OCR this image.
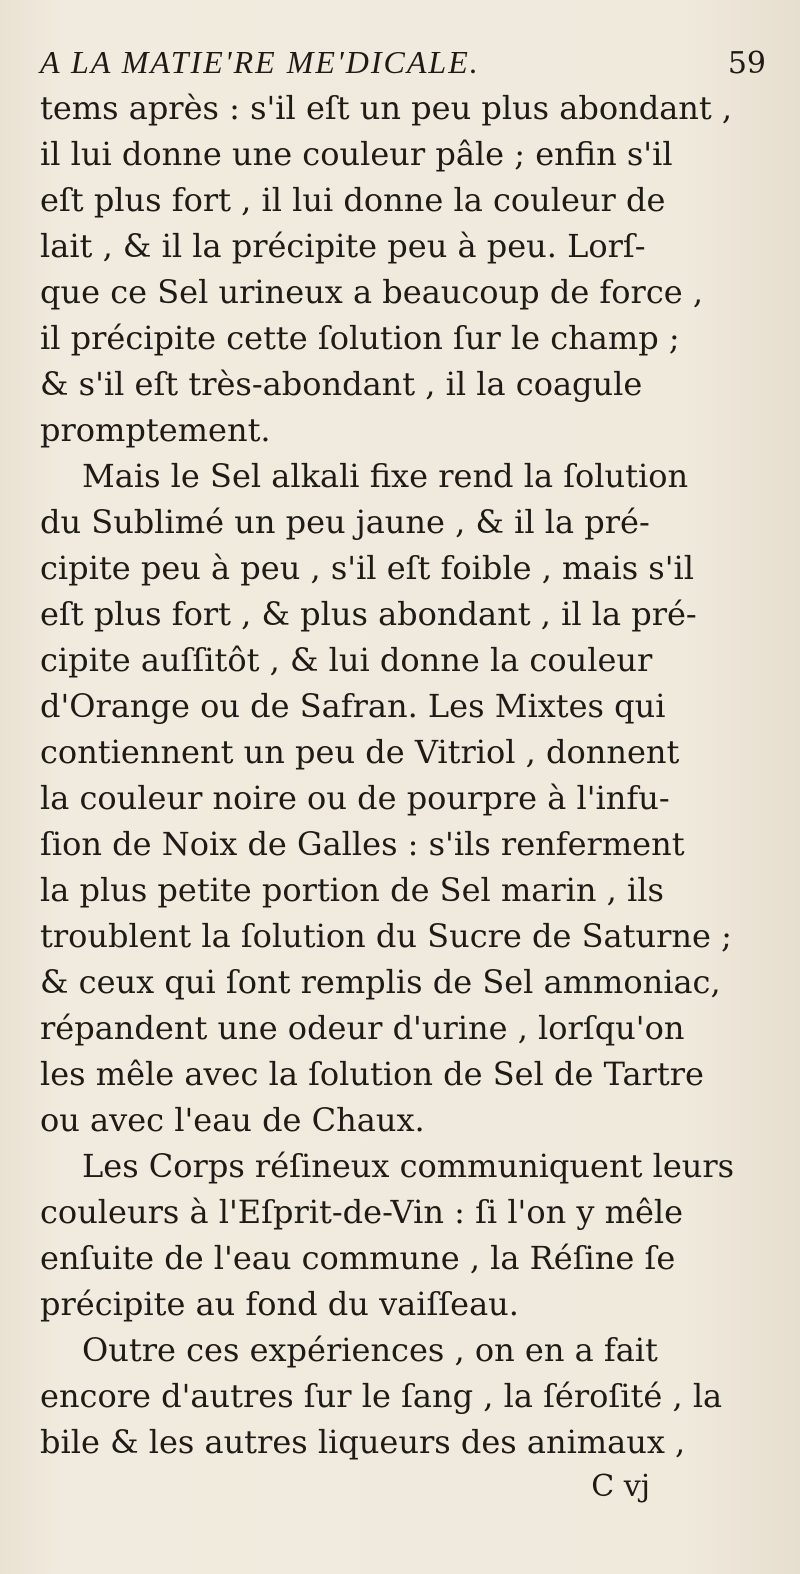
A LA MATIE'RE ME'DICALE.	59
tems après : s'il eſt un peu plus abondant ,
il lui donne une couleur pâle ; enfin s'il
eſt plus fort , il lui donne la couleur de
lait , & il la précipite peu à peu. Lorſ-
que ce Sel urineux a beaucoup de force ,
il précipite cette ſolution ſur le champ ;
& s'il eſt très-abondant , il la coagule
promptement.
Mais le Sel alkali fixe rend la ſolution
du Sublimé un peu jaune , & il la pré-
cipite peu à peu , s'il eſt foible , mais s'il
eſt plus fort , & plus abondant , il la pré-
cipite auſſitôt , & lui donne la couleur
d'Orange ou de Safran. Les Mixtes qui
contiennent un peu de Vitriol , donnent
la couleur noire ou de pourpre à l'infu-
ſion de Noix de Galles : s'ils renferment
la plus petite portion de Sel marin , ils
troublent la ſolution du Sucre de Saturne ;
& ceux qui ſont remplis de Sel ammoniac,
répandent une odeur d'urine , lorſqu'on
les mêle avec la ſolution de Sel de Tartre
ou avec l'eau de Chaux.
Les Corps réſineux communiquent leurs
couleurs à l'Eſprit-de-Vin : ſi l'on y mêle
enſuite de l'eau commune , la Réſine ſe
précipite au fond du vaiſſeau.
Outre ces expériences , on en a fait
encore d'autres ſur le ſang , la ſéroſité , la
bile & les autres liqueurs des animaux ,
C vj
